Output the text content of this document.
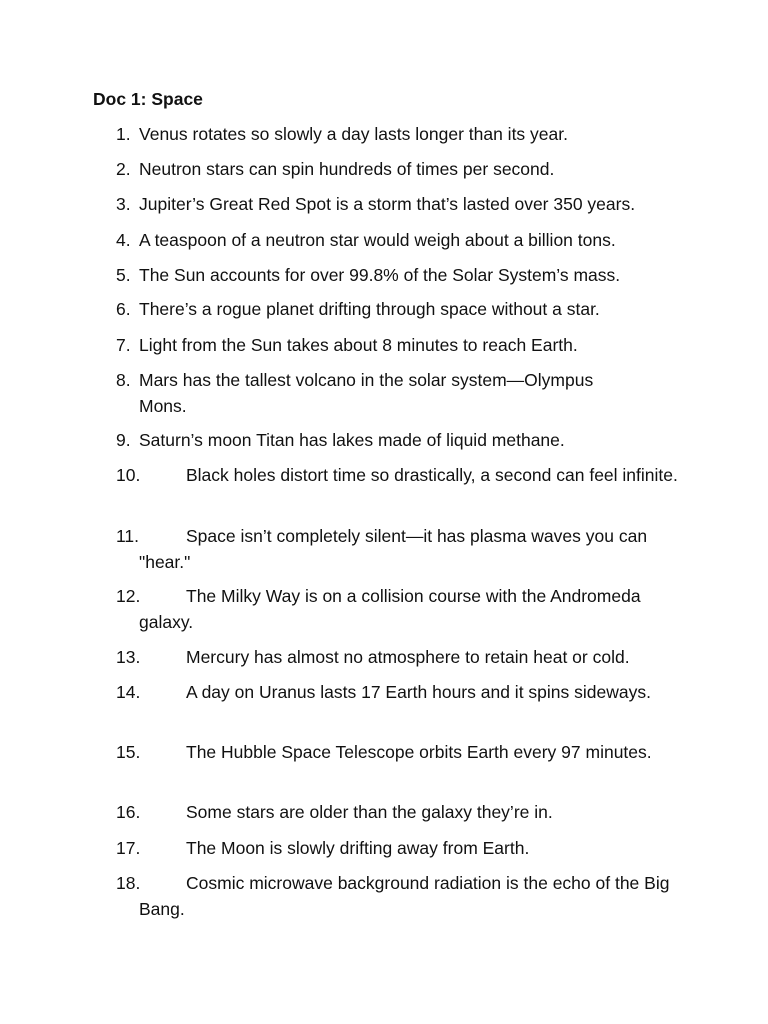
Doc 1: Space
1. Venus rotates so slowly a day lasts longer than its year.
2. Neutron stars can spin hundreds of times per second.
3. Jupiter’s Great Red Spot is a storm that’s lasted over 350 years.
4. A teaspoon of a neutron star would weigh about a billion tons.
5. The Sun accounts for over 99.8% of the Solar System’s mass.
6. There’s a rogue planet drifting through space without a star.
7. Light from the Sun takes about 8 minutes to reach Earth.
8. Mars has the tallest volcano in the solar system—Olympus Mons.
9. Saturn’s moon Titan has lakes made of liquid methane.
10.	Black holes distort time so drastically, a second can feel infinite.
11.	Space isn’t completely silent—it has plasma waves you can "hear."
12.	The Milky Way is on a collision course with the Andromeda galaxy.
13.	Mercury has almost no atmosphere to retain heat or cold.
14.	A day on Uranus lasts 17 Earth hours and it spins sideways.
15.	The Hubble Space Telescope orbits Earth every 97 minutes.
16.	Some stars are older than the galaxy they’re in.
17.	The Moon is slowly drifting away from Earth.
18.	Cosmic microwave background radiation is the echo of the Big Bang.
